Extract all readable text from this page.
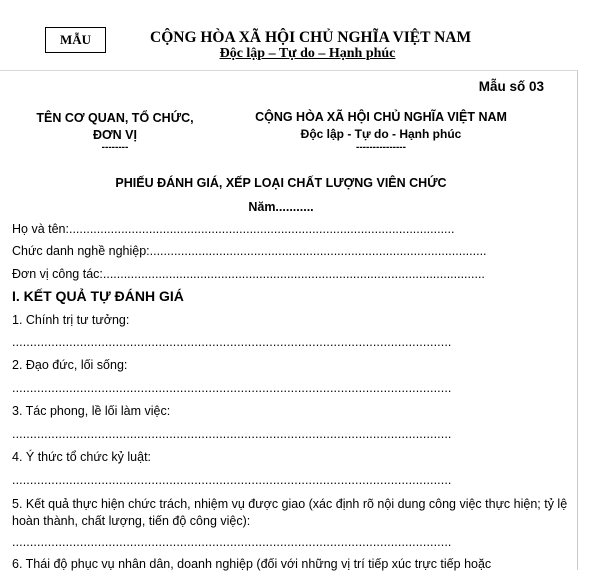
MẪU	CỘNG HÒA XÃ HỘI CHỦ NGHĨA VIỆT NAM
Độc lập – Tự do – Hạnh phúc
Mẫu số 03
TÊN CƠ QUAN, TỔ CHỨC,
ĐƠN VỊ
--------
CỘNG HÒA XÃ HỘI CHỦ NGHĨA VIỆT NAM
Độc lập - Tự do - Hạnh phúc
---------------
PHIẾU ĐÁNH GIÁ, XẾP LOẠI CHẤT LƯỢNG VIÊN CHỨC
Năm...........
Họ và tên:...............................................................................................................
Chức danh nghề nghiệp:.................................................................................................
Đơn vị công tác:..............................................................................................................
I. KẾT QUẢ TỰ ĐÁNH GIÁ
1. Chính trị tư tưởng:
...........................................................................................................................
2. Đạo đức, lối sống:
...........................................................................................................................
3. Tác phong, lề lối làm việc:
...........................................................................................................................
4. Ý thức tổ chức kỷ luật:
...........................................................................................................................
5. Kết quả thực hiện chức trách, nhiệm vụ được giao (xác định rõ nội dung công việc thực hiện; tỷ lệ hoàn thành, chất lượng, tiến độ công việc):
...........................................................................................................................
6. Thái độ phục vụ nhân dân, doanh nghiệp (đối với những vị trí tiếp xúc trực tiếp hoặc
